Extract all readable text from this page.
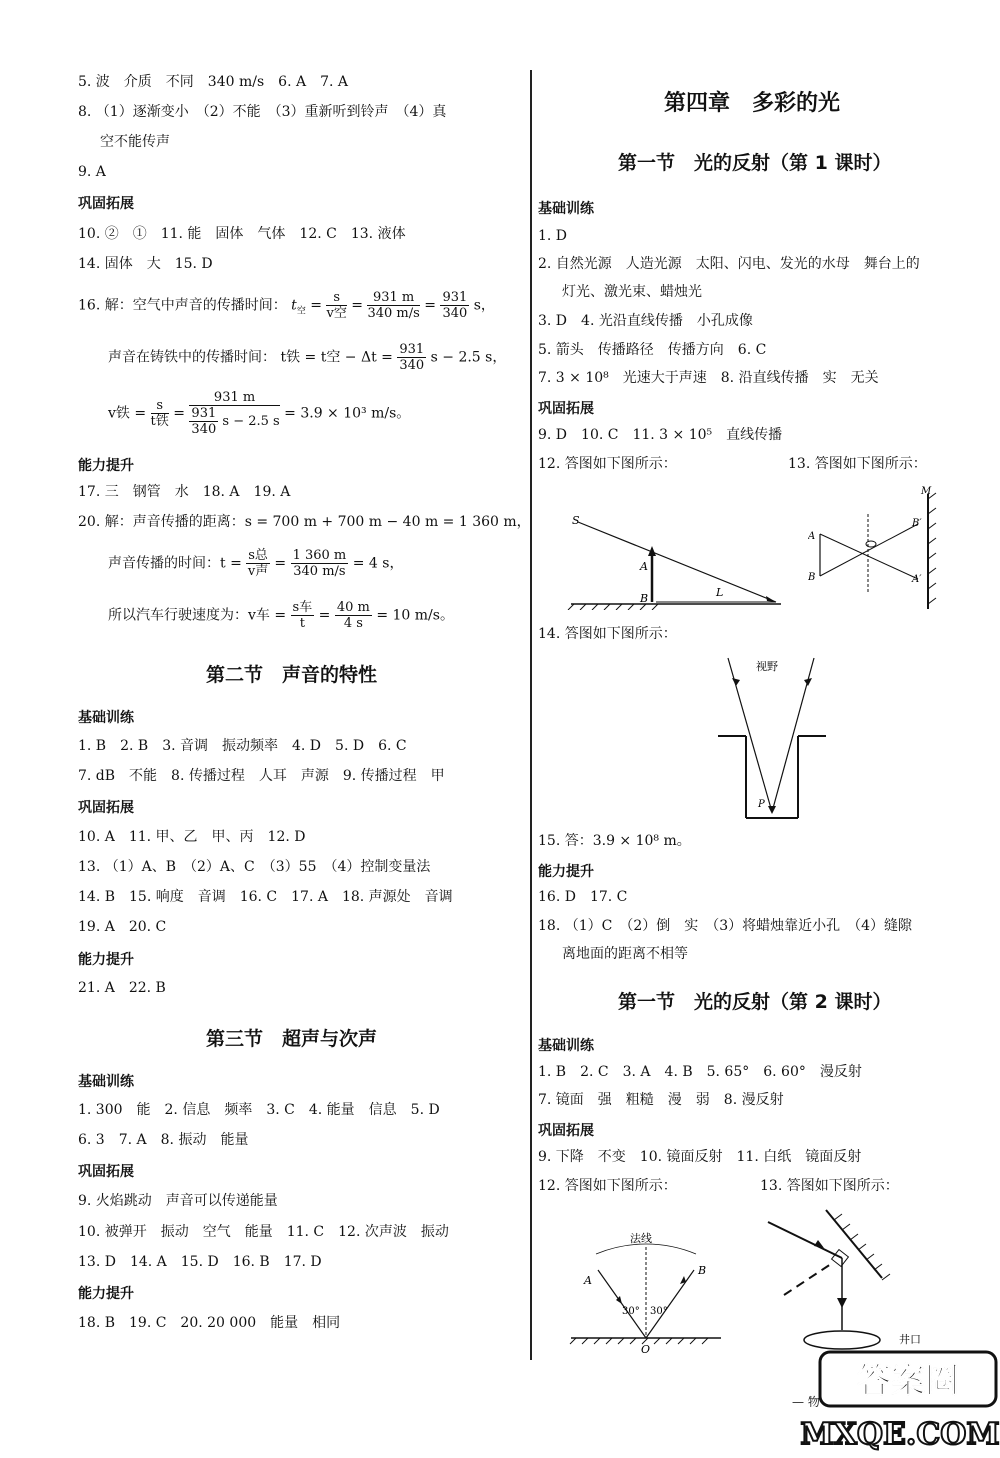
5. 波　介质　不同　340 m/s　6. A　7. A
8. （1）逐渐变小　（2）不能　（3）重新听到铃声　（4）真
空不能传声
9. A
巩固拓展
10. ②　①　11. 能　固体　气体　12. C　13. 液体
14. 固体　大　15. D
16. 解：空气中声音的传播时间： $t_空 = \frac{s}{\text{v空}} = \frac{931 m}{340 m/s} = \frac{931}{340}$ s，
声音在铸铁中的传播时间： t铁 = t空 − $\Delta t = \frac{931}{340}$ s − 2.5 s，
v铁 = $\frac{s}{\text{t铁}} = \frac{931 m}{\frac{931}{340} s - 2.5 s} = 3.9 \times 10^3$ m/s。
能力提升
17. 三　钢管　水　18. A　19. A
20. 解：声音传播的距离：s = 700 m + 700 m − 40 m = 1 360 m，
声音传播的时间：$t = \frac{\text{s总}}{\text{v声}} = \frac{1 360 m}{340 m/s} = 4$ s，
所以汽车行驶速度为：v车 = $\frac{\text{s车}}{t} = \frac{40 m}{4 s} = 10$ m/s。
第二节　声音的特性
基础训练
1. B　2. B　3. 音调　振动频率　4. D　5. D　6. C
7. dB　不能　8. 传播过程　人耳　声源　9. 传播过程　甲
巩固拓展
10. A　11. 甲、乙　甲、丙　12. D
13. （1）A、B　（2）A、C　（3）55　（4）控制变量法
14. B　15. 响度　音调　16. C　17. A　18. 声源处　音调
19. A　20. C
能力提升
21. A　22. B
第三节　超声与次声
基础训练
1. 300　能　2. 信息　频率　3. C　4. 能量　信息　5. D
6. 3　7. A　8. 振动　能量
巩固拓展
9. 火焰跳动　声音可以传递能量
10. 被弹开　振动　空气　能量　11. C　12. 次声波　振动
13. D　14. A　15. D　16. B　17. D
能力提升
18. B　19. C　20. 20 000　能量　相同
第四章　多彩的光
第一节　光的反射（第 1 课时）
基础训练
1. D
2. 自然光源　人造光源　太阳、闪电、发光的水母　舞台上的
灯光、激光束、蜡烛光
3. D　4. 光沿直线传播　小孔成像
5. 箭头　传播路径　传播方向　6. C
7. 3 × 10⁸　光速大于声速　8. 沿直线传播　实　无关
巩固拓展
9. D　10. C　11. 3 × 10⁵　直线传播
12. 答图如下图所示：	13. 答图如下图所示：
S
A
B	L
A
B
M
B′
A′
14. 答图如下图所示：
视野
P
15. 答：3.9 × 10⁸ m。
能力提升
16. D　17. C
18. （1）C　（2）倒　实　（3）将蜡烛靠近小孔　（4）缝隙
离地面的距离不相等
第一节　光的反射（第 2 课时）
基础训练
1. B　2. C　3. A　4. B　5. 65°　6. 60°　漫反射
7. 镜面　强　粗糙　漫　弱　8. 漫反射
巩固拓展
9. 下降　不变　10. 镜面反射　11. 白纸　镜面反射
12. 答图如下图所示：	13. 答图如下图所示：
法线
A
B
O
30° 30°
井口
— 物
答案圈
MXQE.COM
